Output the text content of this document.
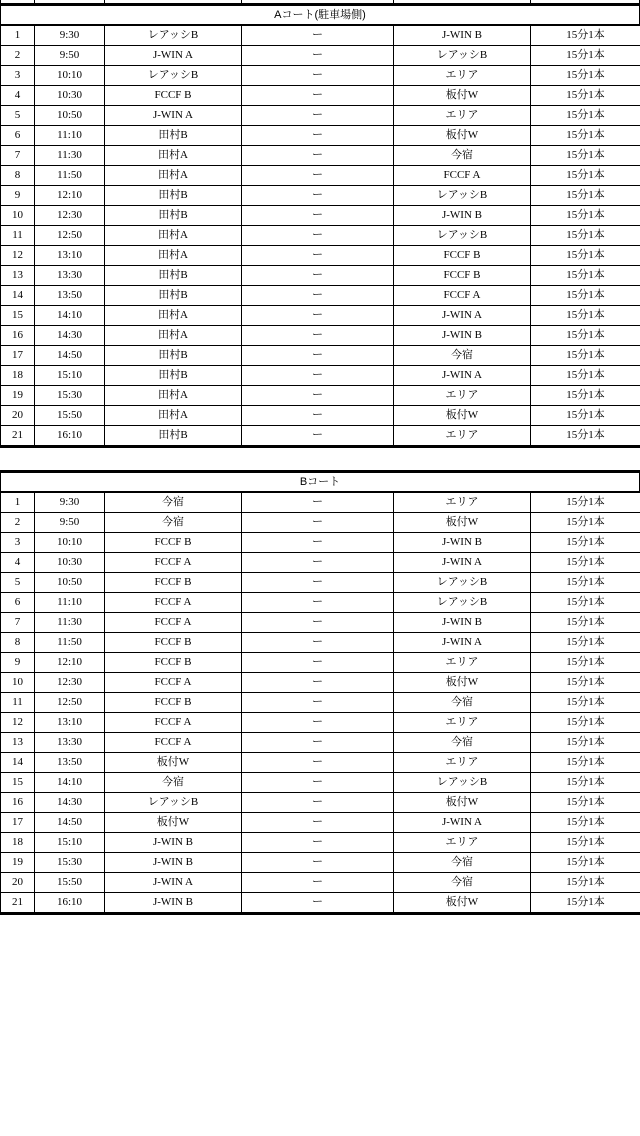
Aコート(駐車場側)
1	9:30	レアッシB	ー	J-WIN B	15分1本
2	9:50	J-WIN A	ー	レアッシB	15分1本
3	10:10	レアッシB	ー	エリア	15分1本
4	10:30	FCCF B	ー	板付W	15分1本
5	10:50	J-WIN A	ー	エリア	15分1本
6	11:10	田村B	ー	板付W	15分1本
7	11:30	田村A	ー	今宿	15分1本
8	11:50	田村A	ー	FCCF A	15分1本
9	12:10	田村B	ー	レアッシB	15分1本
10	12:30	田村B	ー	J-WIN B	15分1本
11	12:50	田村A	ー	レアッシB	15分1本
12	13:10	田村A	ー	FCCF B	15分1本
13	13:30	田村B	ー	FCCF B	15分1本
14	13:50	田村B	ー	FCCF A	15分1本
15	14:10	田村A	ー	J-WIN A	15分1本
16	14:30	田村A	ー	J-WIN B	15分1本
17	14:50	田村B	ー	今宿	15分1本
18	15:10	田村B	ー	J-WIN A	15分1本
19	15:30	田村A	ー	エリア	15分1本
20	15:50	田村A	ー	板付W	15分1本
21	16:10	田村B	ー	エリア	15分1本
Bコート
1	9:30	今宿	ー	エリア	15分1本
2	9:50	今宿	ー	板付W	15分1本
3	10:10	FCCF B	ー	J-WIN B	15分1本
4	10:30	FCCF A	ー	J-WIN A	15分1本
5	10:50	FCCF B	ー	レアッシB	15分1本
6	11:10	FCCF A	ー	レアッシB	15分1本
7	11:30	FCCF A	ー	J-WIN B	15分1本
8	11:50	FCCF B	ー	J-WIN A	15分1本
9	12:10	FCCF B	ー	エリア	15分1本
10	12:30	FCCF A	ー	板付W	15分1本
11	12:50	FCCF B	ー	今宿	15分1本
12	13:10	FCCF A	ー	エリア	15分1本
13	13:30	FCCF A	ー	今宿	15分1本
14	13:50	板付W	ー	エリア	15分1本
15	14:10	今宿	ー	レアッシB	15分1本
16	14:30	レアッシB	ー	板付W	15分1本
17	14:50	板付W	ー	J-WIN A	15分1本
18	15:10	J-WIN B	ー	エリア	15分1本
19	15:30	J-WIN B	ー	今宿	15分1本
20	15:50	J-WIN A	ー	今宿	15分1本
21	16:10	J-WIN B	ー	板付W	15分1本
